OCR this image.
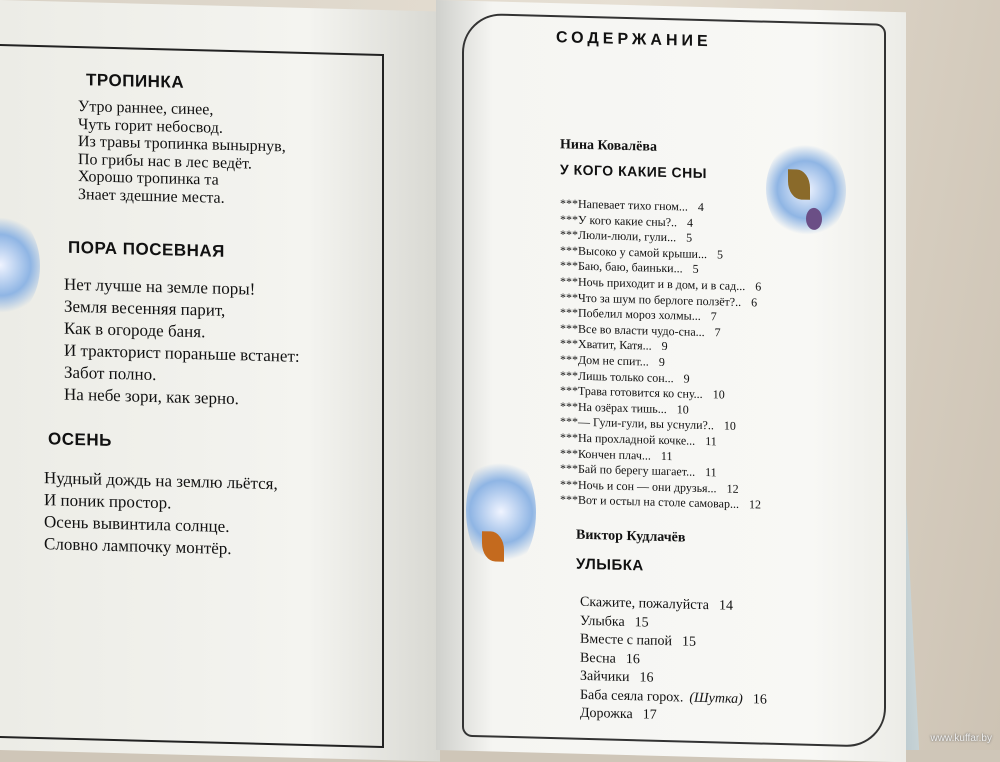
ТРОПИНКА
Утро раннее, синее,
Чуть горит небосвод.
Из травы тропинка вынырнув,
По грибы нас в лес ведёт.
Хорошо тропинка та
Знает здешние места.
ПОРА ПОСЕВНАЯ
Нет лучше на земле поры!
Земля весенняя парит,
Как в огороде баня.
И тракторист пораньше встанет:
Забот полно.
На небе зори, как зерно.
ОСЕНЬ
Нудный дождь на землю льётся,
И поник простор.
Осень вывинтила солнце.
Словно лампочку монтёр.
СОДЕРЖАНИЕ
Нина Ковалёва
У КОГО КАКИЕ СНЫ
***Напевает тихо гном... 4
***У кого какие сны?.. 4
***Люли-люли, гули... 5
***Высоко у самой крыши... 5
***Баю, баю, баиньки... 5
***Ночь приходит и в дом, и в сад... 6
***Что за шум по берлоге ползёт?.. 6
***Побелил мороз холмы... 7
***Все во власти чудо-сна... 7
***Хватит, Катя... 9
***Дом не спит... 9
***Лишь только сон... 9
***Трава готовится ко сну... 10
***На озёрах тишь... 10
***— Гули-гули, вы уснули?.. 10
***На прохладной кочке... 11
***Кончен плач... 11
***Бай по берегу шагает... 11
***Ночь и сон — они друзья... 12
***Вот и остыл на столе самовар... 12
Виктор Кудлачёв
УЛЫБКА
Скажите, пожалуйста 14
Улыбка 15
Вместе с папой 15
Весна 16
Зайчики 16
Баба сеяла горох. (Шутка) 16
Дорожка 17
www.kuffar.by
